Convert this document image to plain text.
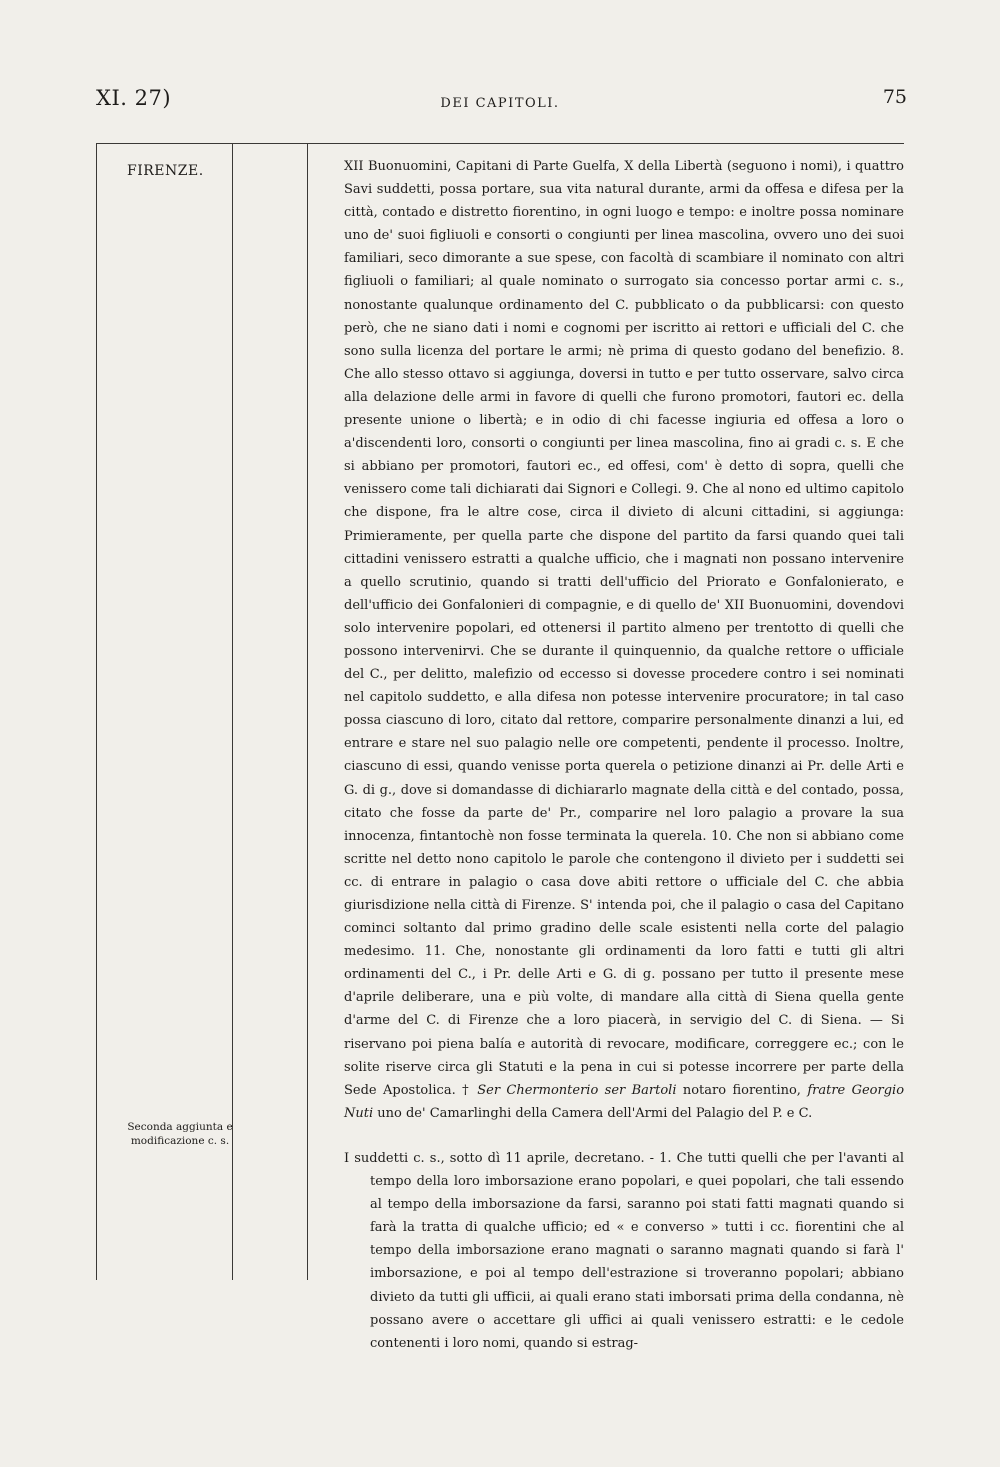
XI. 27)	DEI CAPITOLI.	75
FIRENZE.
Seconda aggiunta e modificazione c. s.

XII Buonuomini, Capitani di Parte Guelfa, X della Libertà (seguono i nomi), i quattro Savi suddetti, possa portare, sua vita natural durante, armi da offesa e difesa per la città, contado e distretto fiorentino, in ogni luogo e tempo: e inoltre possa nominare uno de' suoi figliuoli e consorti o congiunti per linea mascolina, ovvero uno dei suoi familiari, seco dimorante a sue spese, con facoltà di scambiare il nominato con altri figliuoli o familiari; al quale nominato o surrogato sia concesso portar armi c. s., nonostante qualunque ordinamento del C. pubblicato o da pubblicarsi: con questo però, che ne siano dati i nomi e cognomi per iscritto ai rettori e ufficiali del C. che sono sulla licenza del portare le armi; nè prima di questo godano del benefizio. 8. Che allo stesso ottavo si aggiunga, doversi in tutto e per tutto osservare, salvo circa alla delazione delle armi in favore di quelli che furono promotori, fautori ec. della presente unione o libertà; e in odio di chi facesse ingiuria ed offesa a loro o a'discendenti loro, consorti o congiunti per linea mascolina, fino ai gradi c. s. E che si abbiano per promotori, fautori ec., ed offesi, com' è detto di sopra, quelli che venissero come tali dichiarati dai Signori e Collegi. 9. Che al nono ed ultimo capitolo che dispone, fra le altre cose, circa il divieto di alcuni cittadini, si aggiunga: Primieramente, per quella parte che dispone del partito da farsi quando quei tali cittadini venissero estratti a qualche ufficio, che i magnati non possano intervenire a quello scrutinio, quando si tratti dell'ufficio del Priorato e Gonfalonierato, e dell'ufficio dei Gonfalonieri di compagnie, e di quello de' XII Buonuomini, dovendovi solo intervenire popolari, ed ottenersi il partito almeno per trentotto di quelli che possono intervenirvi. Che se durante il quinquennio, da qualche rettore o ufficiale del C., per delitto, malefizio od eccesso si dovesse procedere contro i sei nominati nel capitolo suddetto, e alla difesa non potesse intervenire procuratore; in tal caso possa ciascuno di loro, citato dal rettore, comparire personalmente dinanzi a lui, ed entrare e stare nel suo palagio nelle ore competenti, pendente il processo. Inoltre, ciascuno di essi, quando venisse porta querela o petizione dinanzi ai Pr. delle Arti e G. di g., dove si domandasse di dichiararlo magnate della città e del contado, possa, citato che fosse da parte de' Pr., comparire nel loro palagio a provare la sua innocenza, fintantochè non fosse terminata la querela. 10. Che non si abbiano come scritte nel detto nono capitolo le parole che contengono il divieto per i suddetti sei cc. di entrare in palagio o casa dove abiti rettore o ufficiale del C. che abbia giurisdizione nella città di Firenze. S' intenda poi, che il palagio o casa del Capitano cominci soltanto dal primo gradino delle scale esistenti nella corte del palagio medesimo. 11. Che, nonostante gli ordinamenti da loro fatti e tutti gli altri ordinamenti del C., i Pr. delle Arti e G. di g. possano per tutto il presente mese d'aprile deliberare, una e più volte, di mandare alla città di Siena quella gente d'arme del C. di Firenze che a loro piacerà, in servigio del C. di Siena. — Si riservano poi piena balía e autorità di revocare, modificare, correggere ec.; con le solite riserve circa gli Statuti e la pena in cui si potesse incorrere per parte della Sede Apostolica. † Ser Chermonterio ser Bartoli notaro fiorentino, fratre Georgio Nuti uno de' Camarlinghi della Camera dell'Armi del Palagio del P. e C.

I suddetti c. s., sotto dì 11 aprile, decretano. - 1. Che tutti quelli che per l'avanti al tempo della loro imborsazione erano popolari, e quei popolari, che tali essendo al tempo della imborsazione da farsi, saranno poi stati fatti magnati quando si farà la tratta di qualche ufficio; ed « e converso » tutti i cc. fiorentini che al tempo della imborsazione erano magnati o saranno magnati quando si farà l' imborsazione, e poi al tempo dell'estrazione si troveranno popolari; abbiano divieto da tutti gli ufficii, ai quali erano stati imborsati prima della condanna, nè possano avere o accettare gli uffici ai quali venissero estratti: e le cedole contenenti i loro nomi, quando si estrag-
